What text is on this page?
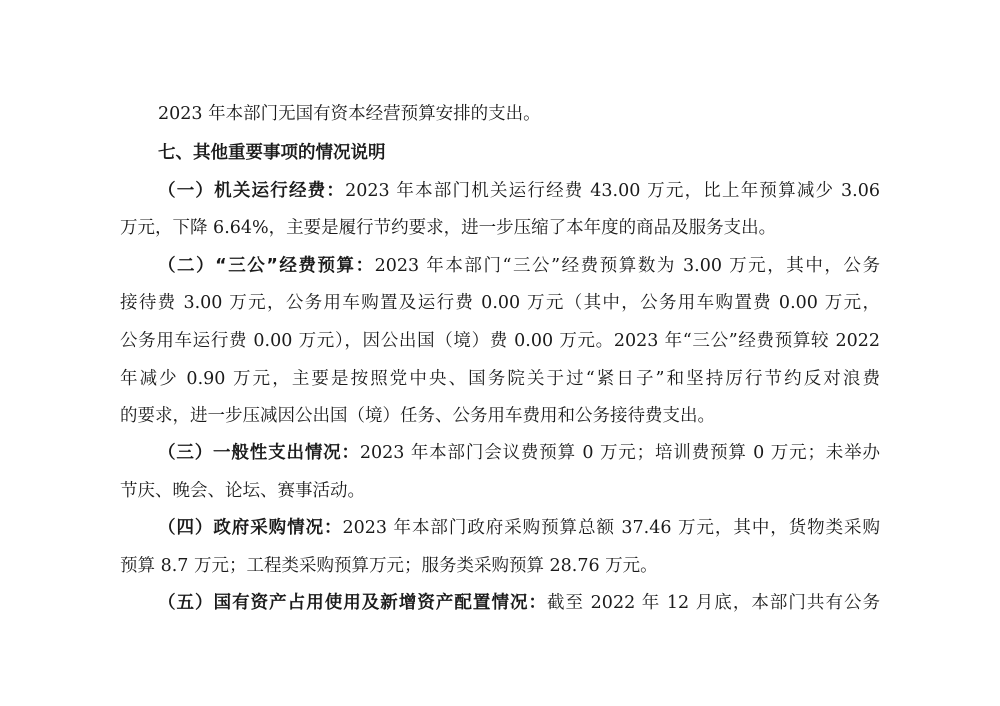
2023 年本部门无国有资本经营预算安排的支出。
七、其他重要事项的情况说明
（一）机关运行经费：2023 年本部门机关运行经费 43.00 万元，比上年预算减少 3.06
万元，下降 6.64%，主要是履行节约要求，进一步压缩了本年度的商品及服务支出。
（二）“三公”经费预算：2023 年本部门“三公”经费预算数为 3.00 万元，其中，公务
接待费 3.00 万元，公务用车购置及运行费 0.00 万元（其中，公务用车购置费 0.00 万元，
公务用车运行费 0.00 万元），因公出国（境）费 0.00 万元。2023 年“三公”经费预算较 2022
年减少 0.90 万元，主要是按照党中央、国务院关于过“紧日子”和坚持厉行节约反对浪费
的要求，进一步压减因公出国（境）任务、公务用车费用和公务接待费支出。
（三）一般性支出情况：2023 年本部门会议费预算 0 万元；培训费预算 0 万元；未举办
节庆、晚会、论坛、赛事活动。
（四）政府采购情况：2023 年本部门政府采购预算总额 37.46 万元，其中，货物类采购
预算 8.7 万元；工程类采购预算万元；服务类采购预算 28.76 万元。
（五）国有资产占用使用及新增资产配置情况：截至 2022 年 12 月底，本部门共有公务
